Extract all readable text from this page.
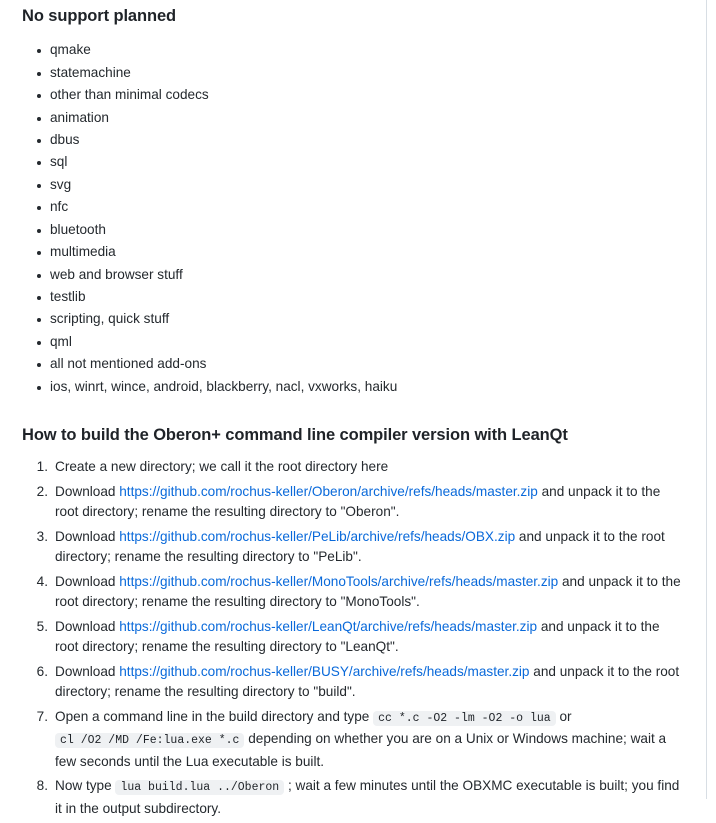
No support planned
qmake
statemachine
other than minimal codecs
animation
dbus
sql
svg
nfc
bluetooth
multimedia
web and browser stuff
testlib
scripting, quick stuff
qml
all not mentioned add-ons
ios, winrt, wince, android, blackberry, nacl, vxworks, haiku
How to build the Oberon+ command line compiler version with LeanQt
Create a new directory; we call it the root directory here
Download https://github.com/rochus-keller/Oberon/archive/refs/heads/master.zip and unpack it to the root directory; rename the resulting directory to "Oberon".
Download https://github.com/rochus-keller/PeLib/archive/refs/heads/OBX.zip and unpack it to the root directory; rename the resulting directory to "PeLib".
Download https://github.com/rochus-keller/MonoTools/archive/refs/heads/master.zip and unpack it to the root directory; rename the resulting directory to "MonoTools".
Download https://github.com/rochus-keller/LeanQt/archive/refs/heads/master.zip and unpack it to the root directory; rename the resulting directory to "LeanQt".
Download https://github.com/rochus-keller/BUSY/archive/refs/heads/master.zip and unpack it to the root directory; rename the resulting directory to "build".
Open a command line in the build directory and type cc *.c -O2 -lm -O2 -o lua or cl /O2 /MD /Fe:lua.exe *.c depending on whether you are on a Unix or Windows machine; wait a few seconds until the Lua executable is built.
Now type lua build.lua ../Oberon ; wait a few minutes until the OBXMC executable is built; you find it in the output subdirectory.
